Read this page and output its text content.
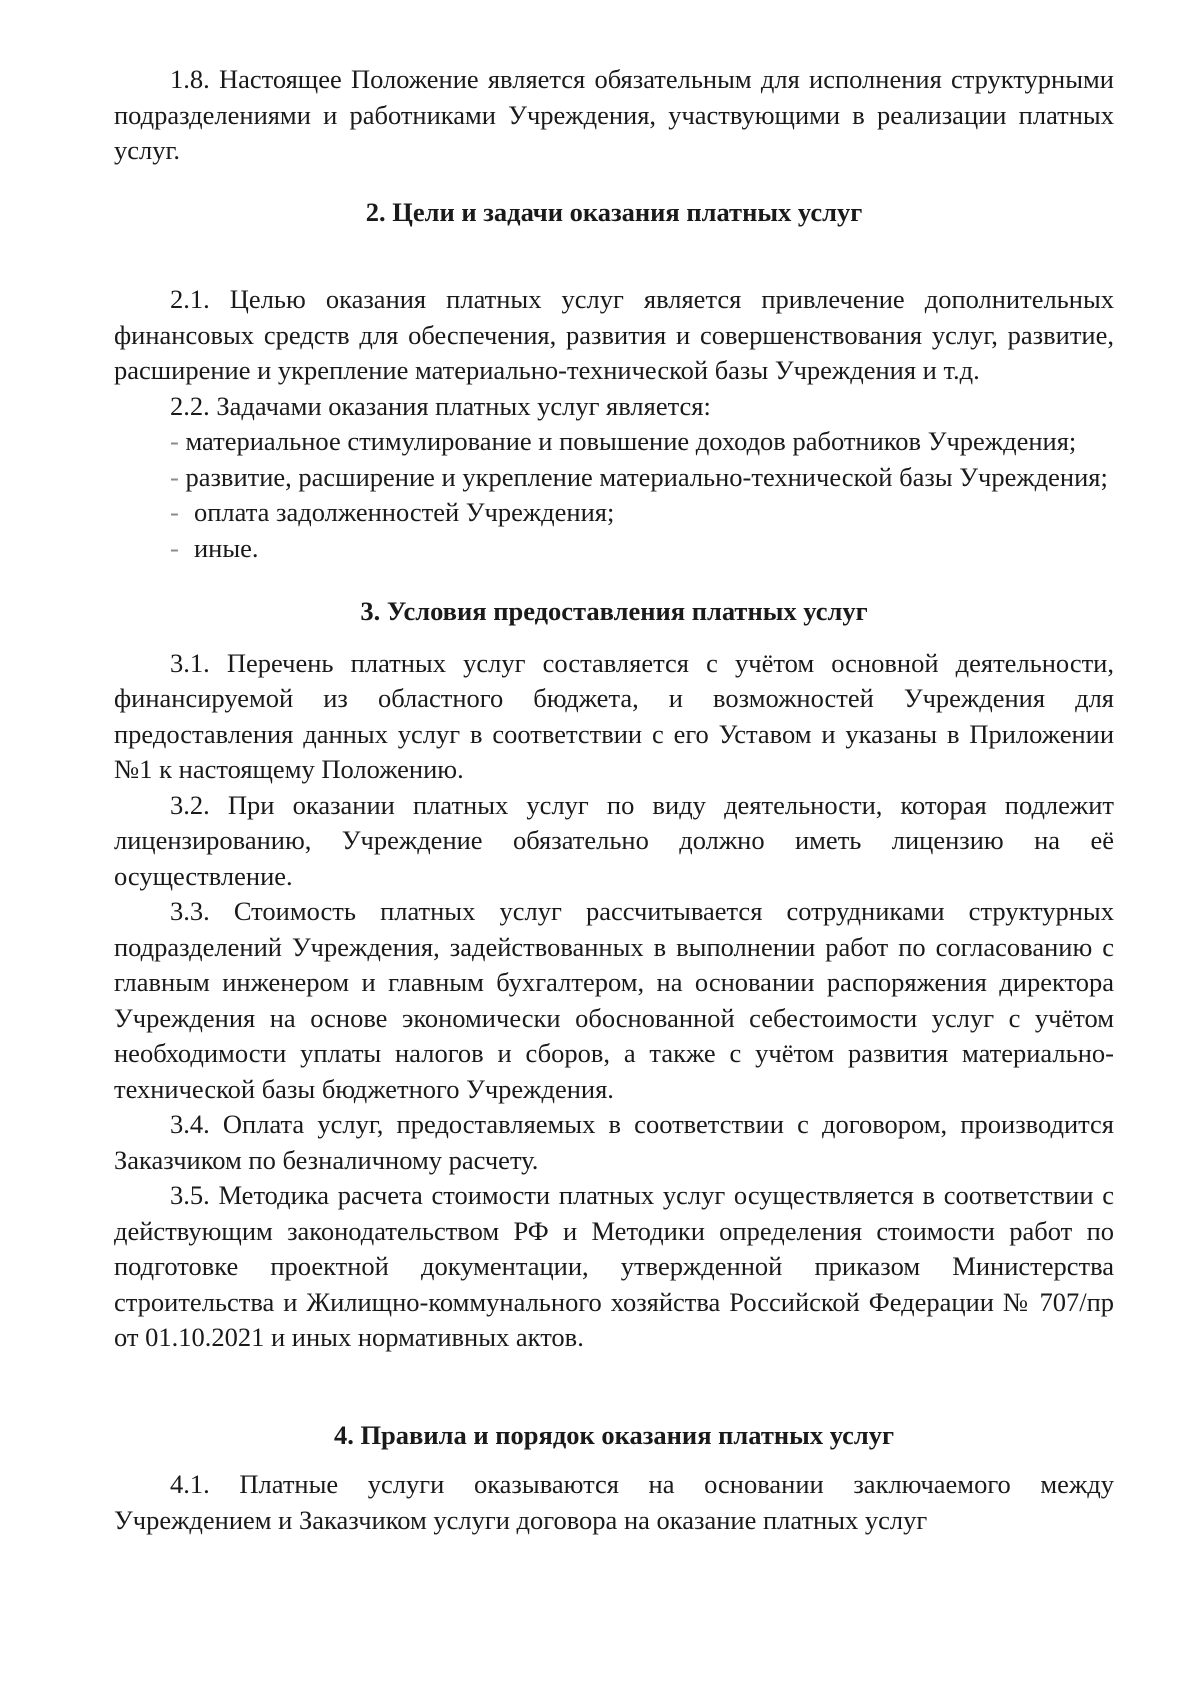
1.8. Настоящее Положение является обязательным для исполнения структурными подразделениями и работниками Учреждения, участвующими в реализации платных услуг.

2. Цели и задачи оказания платных услуг

2.1. Целью оказания платных услуг является привлечение дополнительных финансовых средств для обеспечения, развития и совершенствования услуг, развитие, расширение и укрепление материально-технической базы Учреждения и т.д.

2.2. Задачами оказания платных услуг является:

- материальное стимулирование и повышение доходов работников Учреждения;
- развитие, расширение и укрепление материально-технической базы Учреждения;
- оплата задолженностей Учреждения;
- иные.
3. Условия предоставления платных услуг

3.1. Перечень платных услуг составляется с учётом основной деятельности, финансируемой из областного бюджета, и возможностей Учреждения для предоставления данных услуг в соответствии с его Уставом и указаны в Приложении №1 к настоящему Положению.

3.2. При оказании платных услуг по виду деятельности, которая подлежит лицензированию, Учреждение обязательно должно иметь лицензию на её осуществление.

3.3. Стоимость платных услуг рассчитывается сотрудниками структурных подразделений Учреждения, задействованных в выполнении работ по согласованию с главным инженером и главным бухгалтером, на основании распоряжения директора Учреждения на основе экономически обоснованной себестоимости услуг с учётом необходимости уплаты налогов и сборов, а также с учётом развития материально-технической базы бюджетного Учреждения.

3.4. Оплата услуг, предоставляемых в соответствии с договором, производится Заказчиком по безналичному расчету.

3.5. Методика расчета стоимости платных услуг осуществляется в соответствии с действующим законодательством РФ и Методики определения стоимости работ по подготовке проектной документации, утвержденной приказом Министерства строительства и Жилищно-коммунального хозяйства Российской Федерации № 707/пр от 01.10.2021 и иных нормативных актов.

4. Правила и порядок оказания платных услуг

4.1. Платные услуги оказываются на основании заключаемого между Учреждением и Заказчиком услуги договора на оказание платных услуг
